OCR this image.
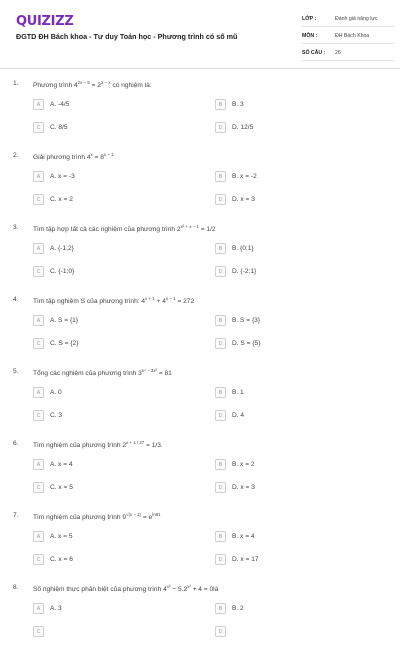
QUIZIZZ
ĐGTD ĐH Bách khoa - Tư duy Toán học - Phương trình có số mũ
LỚP :	Đánh giá năng lực
MÔN :	ĐH Bách Khoa
SỐ CÂU : 26
1. Phương trình $4^{2x - 5} = 2^{2 - x}$ có nghiệm là:
A	A. -4/5	B	B. 3
C	C. 8/5	D	D. 12/5
2. Giải phương trình $4^x = 8^{x - 1}$
A	A. x = -3	B	B. x = -2
C	C. x = 2	D	D. x = 3
3. Tìm tập hợp tất cả các nghiệm của phương trình $2^{x^2 + x - 1} = 1/2$
A	A. {-1;2}	B	B. {0;1}
C	C. {-1;0}	D	D. {-2;1}
4. Tìm tập nghiệm S của phương trình: $4^{x + 1} + 4^{x - 1} = 272$
A	A. S = {1}	B	B. S = {3}
C	C. S = {2}	D	D. S = {5}
5. Tổng các nghiệm của phương trình $3^{x^4 - 3x^2} = 81$
A	A. 0	B	B. 1
C	C. 3	D	D. 4
6. Tìm nghiệm của phương trình $2^{x + 1 / 27} = 1/3$.
A	A. x = 4	B	B. x = 2
C	C. x = 5	D	D. x = 3
7. Tìm nghiệm của phương trình $9^{√(x - 1)} = e^{ln81}$
A	A. x = 5	B	B. x = 4
C	C. x = 6	D	D. x = 17
8. Số nghiệm thực phân biệt của phương trình $4^{x^2} - 5.2^{x^2} + 4$ = 0là
A	A. 3	B	B. 2
C	D
